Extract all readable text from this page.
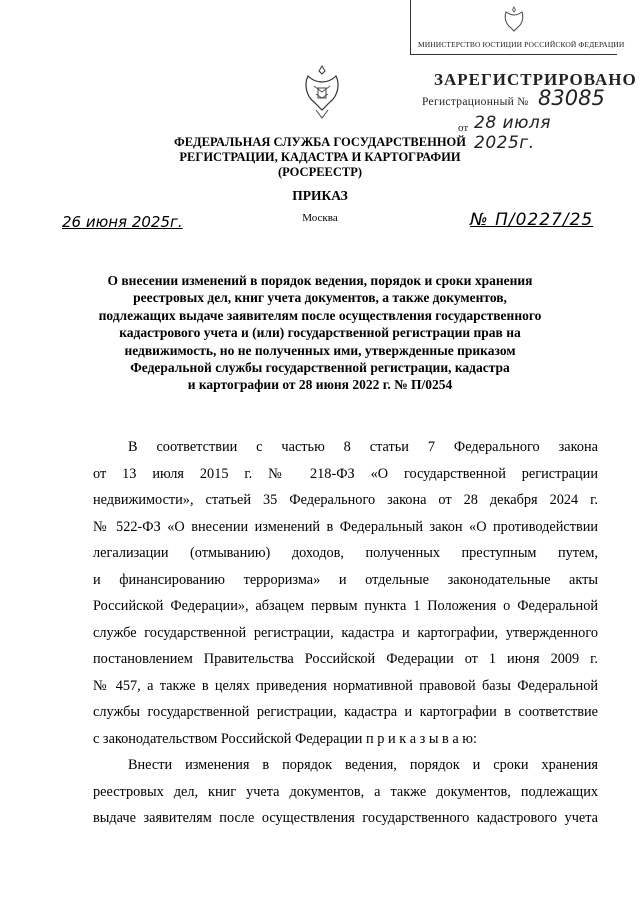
МИНИСТЕРСТВО ЮСТИЦИИ РОССИЙСКОЙ ФЕДЕРАЦИИ
ЗАРЕГИСТРИРОВАНО
Регистрационный № 83085
от 28 июля 2025г.
ФЕДЕРАЛЬНАЯ СЛУЖБА ГОСУДАРСТВЕННОЙ
РЕГИСТРАЦИИ, КАДАСТРА И КАРТОГРАФИИ
(РОСРЕЕСТР)
ПРИКАЗ
Москва
26 июня 2025г.	№ П/0227/25
О внесении изменений в порядок ведения, порядок и сроки хранения
реестровых дел, книг учета документов, а также документов,
подлежащих выдаче заявителям после осуществления государственного
кадастрового учета и (или) государственной регистрации прав на
недвижимость, но не полученных ими, утвержденные приказом
Федеральной службы государственной регистрации, кадастра
и картографии от 28 июня 2022 г. № П/0254
В соответствии с частью 8 статьи 7 Федерального закона
от 13 июля 2015 г. № 218-ФЗ «О государственной регистрации
недвижимости», статьей 35 Федерального закона от 28 декабря 2024 г.
№ 522-ФЗ «О внесении изменений в Федеральный закон «О противодействии
легализации (отмыванию) доходов, полученных преступным путем,
и финансированию терроризма» и отдельные законодательные акты
Российской Федерации», абзацем первым пункта 1 Положения о Федеральной
службе государственной регистрации, кадастра и картографии, утвержденного
постановлением Правительства Российской Федерации от 1 июня 2009 г.
№ 457, а также в целях приведения нормативной правовой базы Федеральной
службы государственной регистрации, кадастра и картографии в соответствие
с законодательством Российской Федерации п р и к а з ы в а ю:
Внести изменения в порядок ведения, порядок и сроки хранения
реестровых дел, книг учета документов, а также документов, подлежащих
выдаче заявителям после осуществления государственного кадастрового учета
